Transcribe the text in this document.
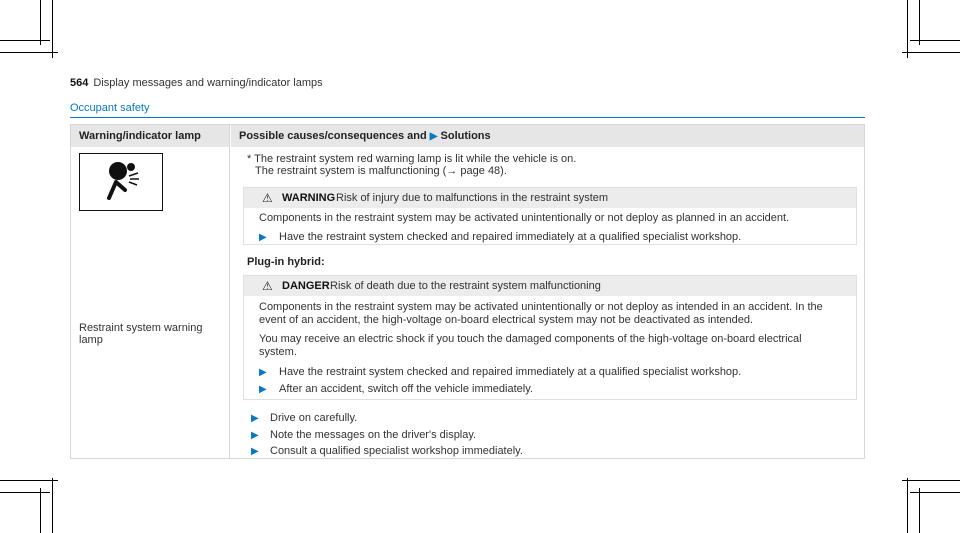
564 Display messages and warning/indicator lamps
Occupant safety
Warning/indicator lamp	Possible causes/consequences and ▶ Solutions
Restraint system warning
lamp
* The restraint system red warning lamp is lit while the vehicle is on.
The restraint system is malfunctioning (→ page 48).
⚠ WARNING Risk of injury due to malfunctions in the restraint system
Components in the restraint system may be activated unintentionally or not deploy as planned in an accident.
▶ Have the restraint system checked and repaired immediately at a qualified specialist workshop.
Plug-in hybrid:
⚠ DANGER Risk of death due to the restraint system malfunctioning
Components in the restraint system may be activated unintentionally or not deploy as intended in an accident. In the
event of an accident, the high-voltage on-board electrical system may not be deactivated as intended.
You may receive an electric shock if you touch the damaged components of the high-voltage on-board electrical
system.
▶ Have the restraint system checked and repaired immediately at a qualified specialist workshop.
▶ After an accident, switch off the vehicle immediately.
▶ Drive on carefully.
▶ Note the messages on the driver's display.
▶ Consult a qualified specialist workshop immediately.
